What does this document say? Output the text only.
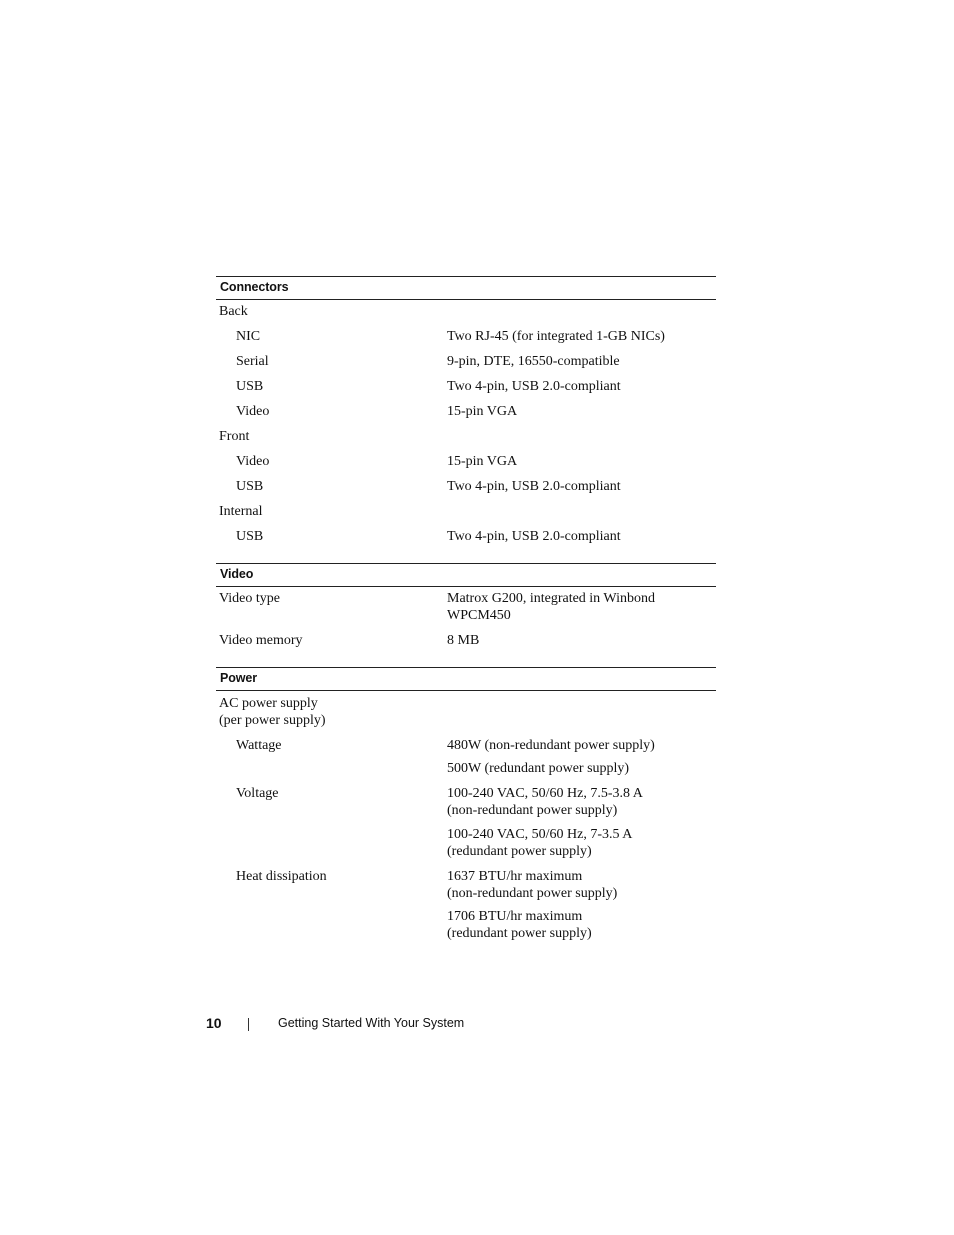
Connectors
Back
NIC	Two RJ-45 (for integrated 1-GB NICs)
Serial	9-pin, DTE, 16550-compatible
USB	Two 4-pin, USB 2.0-compliant
Video	15-pin VGA
Front
Video	15-pin VGA
USB	Two 4-pin, USB 2.0-compliant
Internal
USB	Two 4-pin, USB 2.0-compliant
Video
Video type	Matrox G200, integrated in Winbond
WPCM450
Video memory	8 MB
Power
AC power supply
(per power supply)
Wattage	480W (non-redundant power supply)
500W (redundant power supply)
Voltage	100-240 VAC, 50/60 Hz, 7.5-3.8 A
(non-redundant power supply)
100-240 VAC, 50/60 Hz, 7-3.5 A
(redundant power supply)
Heat dissipation	1637 BTU/hr maximum
(non-redundant power supply)
1706 BTU/hr maximum
(redundant power supply)
10	Getting Started With Your System
